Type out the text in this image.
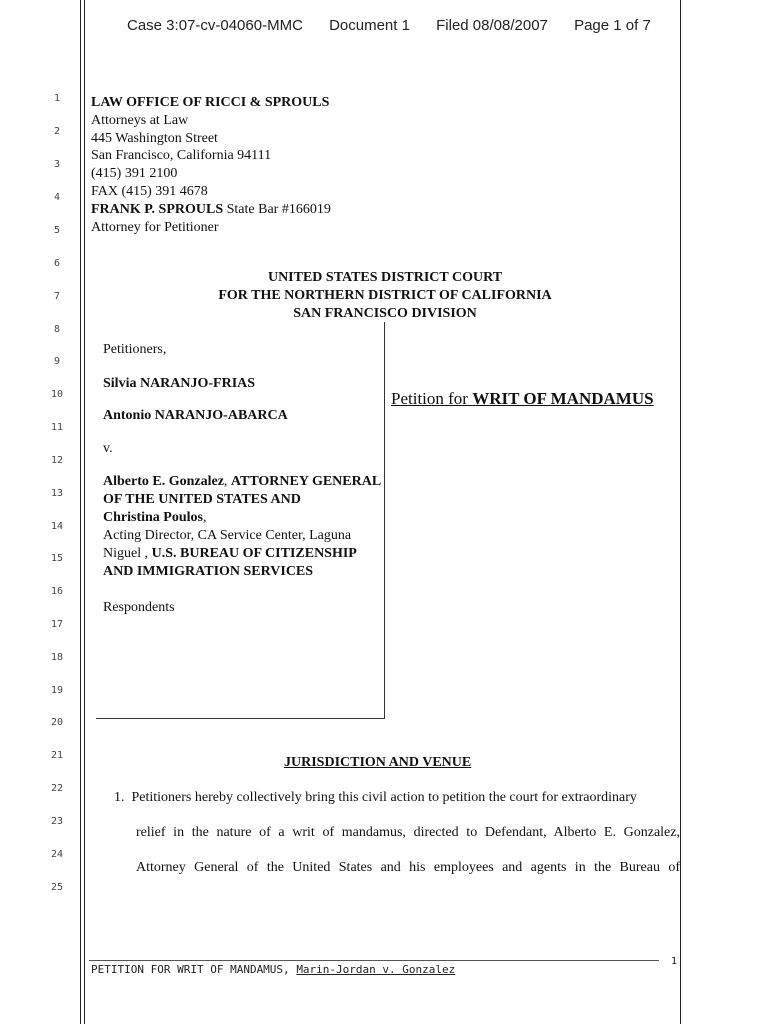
Case 3:07-cv-04060-MMC Document 1 Filed 08/08/2007 Page 1 of 7
1
2
3
4
5
6
7
8
9
10
11
12
13
14
15
16
17
18
19
20
21
22
23
24
25
LAW OFFICE OF RICCI & SPROULS
Attorneys at Law
445 Washington Street
San Francisco, California 94111
(415) 391 2100
FAX (415) 391 4678
FRANK P. SPROULS State Bar #166019
Attorney for Petitioner
UNITED STATES DISTRICT COURT
FOR THE NORTHERN DISTRICT OF CALIFORNIA
SAN FRANCISCO DIVISION
Petitioners,
Silvia NARANJO-FRIAS
Antonio NARANJO-ABARCA
v.
Alberto E. Gonzalez, ATTORNEY GENERAL OF THE UNITED STATES AND
Christina Poulos,
Acting Director, CA Service Center, Laguna Niguel , U.S. BUREAU OF CITIZENSHIP AND IMMIGRATION SERVICES
Respondents
Petition for WRIT OF MANDAMUS
JURISDICTION AND VENUE
1. Petitioners hereby collectively bring this civil action to petition the court for extraordinary
relief in the nature of a writ of mandamus, directed to Defendant, Alberto E. Gonzalez,
Attorney General of the United States and his employees and agents in the Bureau of
PETITION FOR WRIT OF MANDAMUS, Marin-Jordan v. Gonzalez
1
